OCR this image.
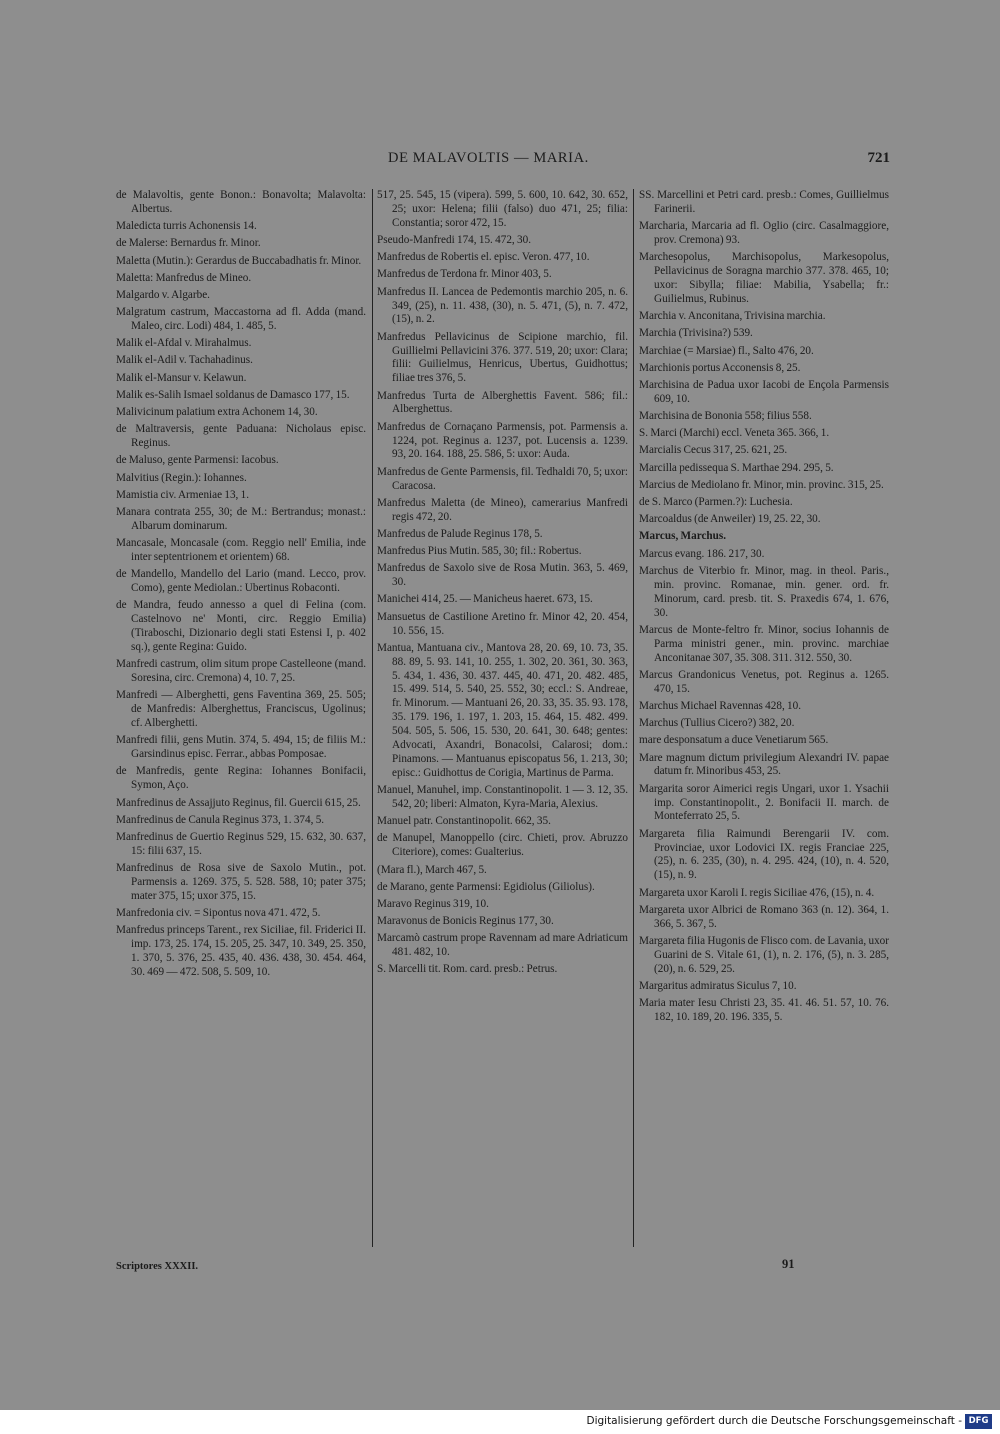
DE MALAVOLTIS — MARIA.	721

de Malavoltis, gente Bonon.: Bonavolta; Malavolta: Albertus.

Maledicta turris Achonensis 14.

de Malerse: Bernardus fr. Minor.

Maletta (Mutin.): Gerardus de Buccabadhatis fr. Minor.

Maletta: Manfredus de Mineo.

Malgardo v. Algarbe.

Malgratum castrum, Maccastorna ad fl. Adda (mand. Maleo, circ. Lodi) 484, 1. 485, 5.

Malik el-Afdal v. Mirahalmus.

Malik el-Adil v. Tachahadinus.

Malik el-Mansur v. Kelawun.

Malik es-Salih Ismael soldanus de Damasco 177, 15.

Malivicinum palatium extra Achonem 14, 30.

de Maltraversis, gente Paduana: Nicholaus episc. Reginus.

de Maluso, gente Parmensi: Iacobus.

Malvitius (Regin.): Iohannes.

Mamistia civ. Armeniae 13, 1.

Manara contrata 255, 30; de M.: Bertrandus; monast.: Albarum dominarum.

Mancasale, Moncasale (com. Reggio nell' Emilia, inde inter septentrionem et orientem) 68.

de Mandello, Mandello del Lario (mand. Lecco, prov. Como), gente Mediolan.: Ubertinus Robaconti.

de Mandra, feudo annesso a quel di Felina (com. Castelnovo ne' Monti, circ. Reggio Emilia) (Tiraboschi, Dizionario degli stati Estensi I, p. 402 sq.), gente Regina: Guido.

Manfredi castrum, olim situm prope Castelleone (mand. Soresina, circ. Cremona) 4, 10. 7, 25.

Manfredi — Alberghetti, gens Faventina 369, 25. 505; de Manfredis: Alberghettus, Franciscus, Ugolinus; cf. Alberghetti.

Manfredi filii, gens Mutin. 374, 5. 494, 15; de filiis M.: Garsindinus episc. Ferrar., abbas Pomposae.

de Manfredis, gente Regina: Iohannes Bonifacii, Symon, Aço.

Manfredinus de Assajjuto Reginus, fil. Guercii 615, 25.

Manfredinus de Canula Reginus 373, 1. 374, 5.

Manfredinus de Guertio Reginus 529, 15. 632, 30. 637, 15: filii 637, 15.

Manfredinus de Rosa sive de Saxolo Mutin., pot. Parmensis a. 1269. 375, 5. 528. 588, 10; pater 375; mater 375, 15; uxor 375, 15.

Manfredonia civ. = Sipontus nova 471. 472, 5.

Manfredus princeps Tarent., rex Siciliae, fil. Friderici II. imp. 173, 25. 174, 15. 205, 25. 347, 10. 349, 25. 350, 1. 370, 5. 376, 25. 435, 40. 436. 438, 30. 454. 464, 30. 469 — 472. 508, 5. 509, 10.

517, 25. 545, 15 (vipera). 599, 5. 600, 10. 642, 30. 652, 25; uxor: Helena; filii (falso) duo 471, 25; filia: Constantia; soror 472, 15.

Pseudo-Manfredi 174, 15. 472, 30.

Manfredus de Robertis el. episc. Veron. 477, 10.

Manfredus de Terdona fr. Minor 403, 5.

Manfredus II. Lancea de Pedemontis marchio 205, n. 6. 349, (25), n. 11. 438, (30), n. 5. 471, (5), n. 7. 472, (15), n. 2.

Manfredus Pellavicinus de Scipione marchio, fil. Guillielmi Pellavicini 376. 377. 519, 20; uxor: Clara; filii: Guilielmus, Henricus, Ubertus, Guidhottus; filiae tres 376, 5.

Manfredus Turta de Alberghettis Favent. 586; fil.: Alberghettus.

Manfredus de Cornaçano Parmensis, pot. Parmensis a. 1224, pot. Reginus a. 1237, pot. Lucensis a. 1239. 93, 20. 164. 188, 25. 586, 5: uxor: Auda.

Manfredus de Gente Parmensis, fil. Tedhaldi 70, 5; uxor: Caracosa.

Manfredus Maletta (de Mineo), camerarius Manfredi regis 472, 20.

Manfredus de Palude Reginus 178, 5.

Manfredus Pius Mutin. 585, 30; fil.: Robertus.

Manfredus de Saxolo sive de Rosa Mutin. 363, 5. 469, 30.

Manichei 414, 25. — Manicheus haeret. 673, 15.

Mansuetus de Castilione Aretino fr. Minor 42, 20. 454, 10. 556, 15.

Mantua, Mantuana civ., Mantova 28, 20. 69, 10. 73, 35. 88. 89, 5. 93. 141, 10. 255, 1. 302, 20. 361, 30. 363, 5. 434, 1. 436, 30. 437. 445, 40. 471, 20. 482. 485, 15. 499. 514, 5. 540, 25. 552, 30; eccl.: S. Andreae, fr. Minorum. — Mantuani 26, 20. 33, 35. 35. 93. 178, 35. 179. 196, 1. 197, 1. 203, 15. 464, 15. 482. 499. 504. 505, 5. 506, 15. 530, 20. 641, 30. 648; gentes: Advocati, Axandri, Bonacolsi, Calarosi; dom.: Pinamons. — Mantuanus episcopatus 56, 1. 213, 30; episc.: Guidhottus de Corigia, Martinus de Parma.

Manuel, Manuhel, imp. Constantinopolit. 1 — 3. 12, 35. 542, 20; liberi: Almaton, Kyra-Maria, Alexius.

Manuel patr. Constantinopolit. 662, 35.

de Manupel, Manoppello (circ. Chieti, prov. Abruzzo Citeriore), comes: Gualterius.

(Mara fl.), March 467, 5.

de Marano, gente Parmensi: Egidiolus (Giliolus).

Maravo Reginus 319, 10.

Maravonus de Bonicis Reginus 177, 30.

Marcamò castrum prope Ravennam ad mare Adriaticum 481. 482, 10.

S. Marcelli tit. Rom. card. presb.: Petrus.

SS. Marcellini et Petri card. presb.: Comes, Guillielmus Farinerii.

Marcharia, Marcaria ad fl. Oglio (circ. Casalmaggiore, prov. Cremona) 93.

Marchesopolus, Marchisopolus, Markesopolus, Pellavicinus de Soragna marchio 377. 378. 465, 10; uxor: Sibylla; filiae: Mabilia, Ysabella; fr.: Guilielmus, Rubinus.

Marchia v. Anconitana, Trivisina marchia.

Marchia (Trivisina?) 539.

Marchiae (= Marsiae) fl., Salto 476, 20.

Marchionis portus Acconensis 8, 25.

Marchisina de Padua uxor Iacobi de Ençola Parmensis 609, 10.

Marchisina de Bononia 558; filius 558.

S. Marci (Marchi) eccl. Veneta 365. 366, 1.

Marcialis Cecus 317, 25. 621, 25.

Marcilla pedissequa S. Marthae 294. 295, 5.

Marcius de Mediolano fr. Minor, min. provinc. 315, 25.

de S. Marco (Parmen.?): Luchesia.

Marcoaldus (de Anweiler) 19, 25. 22, 30.

Marcus, Marchus.

Marcus evang. 186. 217, 30.

Marchus de Viterbio fr. Minor, mag. in theol. Paris., min. provinc. Romanae, min. gener. ord. fr. Minorum, card. presb. tit. S. Praxedis 674, 1. 676, 30.

Marcus de Monte-feltro fr. Minor, socius Iohannis de Parma ministri gener., min. provinc. marchiae Anconitanae 307, 35. 308. 311. 312. 550, 30.

Marcus Grandonicus Venetus, pot. Reginus a. 1265. 470, 15.

Marchus Michael Ravennas 428, 10.

Marchus (Tullius Cicero?) 382, 20.

mare desponsatum a duce Venetiarum 565.

Mare magnum dictum privilegium Alexandri IV. papae datum fr. Minoribus 453, 25.

Margarita soror Aimerici regis Ungari, uxor 1. Ysachii imp. Constantinopolit., 2. Bonifacii II. march. de Monteferrato 25, 5.

Margareta filia Raimundi Berengarii IV. com. Provinciae, uxor Lodovici IX. regis Franciae 225, (25), n. 6. 235, (30), n. 4. 295. 424, (10), n. 4. 520, (15), n. 9.

Margareta uxor Karoli I. regis Siciliae 476, (15), n. 4.

Margareta uxor Albrici de Romano 363 (n. 12). 364, 1. 366, 5. 367, 5.

Margareta filia Hugonis de Flisco com. de Lavania, uxor Guarini de S. Vitale 61, (1), n. 2. 176, (5), n. 3. 285, (20), n. 6. 529, 25.

Margaritus admiratus Siculus 7, 10.

Maria mater Iesu Christi 23, 35. 41. 46. 51. 57, 10. 76. 182, 10. 189, 20. 196. 335, 5.

Scriptores XXXII.	91
Digitalisierung gefördert durch die Deutsche Forschungsgemeinschaft - DFG
